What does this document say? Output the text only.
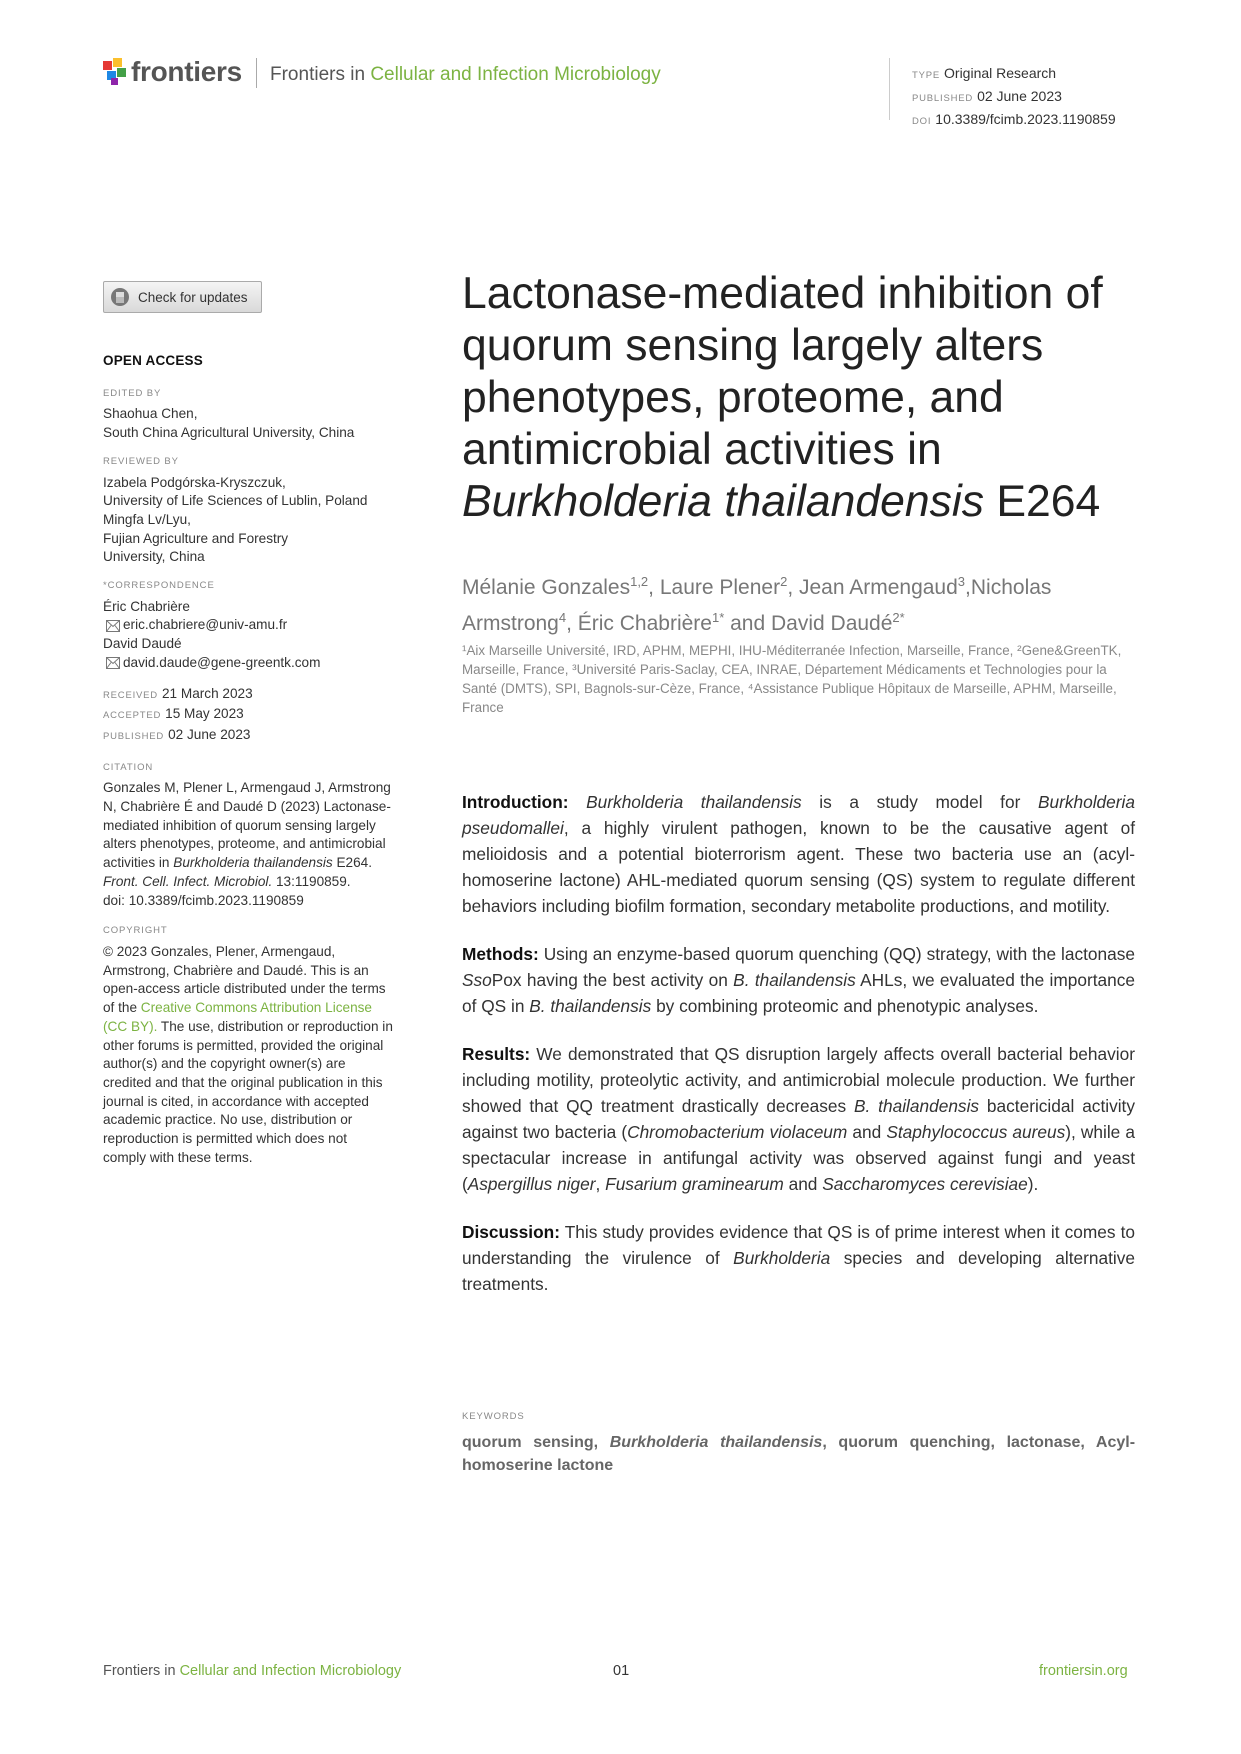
frontiers Frontiers in Cellular and Infection Microbiology	TYPE Original Research
PUBLISHED 02 June 2023
DOI 10.3389/fcimb.2023.1190859
Check for updates
OPEN ACCESS
EDITED BY
Shaohua Chen,
South China Agricultural University, China
REVIEWED BY
Izabela Podgórska-Kryszczuk,
University of Life Sciences of Lublin, Poland
Mingfa Lv/Lyu,
Fujian Agriculture and Forestry
University, China
*CORRESPONDENCE
Éric Chabrière
eric.chabriere@univ-amu.fr
David Daudé
david.daude@gene-greentk.com
RECEIVED 21 March 2023
ACCEPTED 15 May 2023
PUBLISHED 02 June 2023
CITATION
Gonzales M, Plener L, Armengaud J, Armstrong N, Chabrière É and Daudé D (2023) Lactonase-mediated inhibition of quorum sensing largely alters phenotypes, proteome, and antimicrobial activities in Burkholderia thailandensis E264.
Front. Cell. Infect. Microbiol. 13:1190859.
doi: 10.3389/fcimb.2023.1190859
COPYRIGHT
© 2023 Gonzales, Plener, Armengaud, Armstrong, Chabrière and Daudé. This is an open-access article distributed under the terms of the Creative Commons Attribution License (CC BY). The use, distribution or reproduction in other forums is permitted, provided the original author(s) and the copyright owner(s) are credited and that the original publication in this journal is cited, in accordance with accepted academic practice. No use, distribution or reproduction is permitted which does not comply with these terms.
Lactonase-mediated inhibition of
quorum sensing largely alters
phenotypes, proteome, and
antimicrobial activities in
Burkholderia thailandensis E264
Mélanie Gonzales$^{1,2}$, Laure Plener$^2$, Jean Armengaud$^3$,Nicholas Armstrong$^4$, Éric Chabrière$^{1*}$ and David Daudé$^{2*}$
¹Aix Marseille Université, IRD, APHM, MEPHI, IHU-Méditerranée Infection, Marseille, France, ²Gene&GreenTK, Marseille, France, ³Université Paris-Saclay, CEA, INRAE, Département Médicaments et Technologies pour la Santé (DMTS), SPI, Bagnols-sur-Cèze, France, ⁴Assistance Publique Hôpitaux de Marseille, APHM, Marseille, France

Introduction: Burkholderia thailandensis is a study model for Burkholderia pseudomallei, a highly virulent pathogen, known to be the causative agent of melioidosis and a potential bioterrorism agent. These two bacteria use an (acyl-homoserine lactone) AHL-mediated quorum sensing (QS) system to regulate different behaviors including biofilm formation, secondary metabolite productions, and motility.

Methods: Using an enzyme-based quorum quenching (QQ) strategy, with the lactonase SsoPox having the best activity on B. thailandensis AHLs, we evaluated the importance of QS in B. thailandensis by combining proteomic and phenotypic analyses.

Results: We demonstrated that QS disruption largely affects overall bacterial behavior including motility, proteolytic activity, and antimicrobial molecule production. We further showed that QQ treatment drastically decreases B. thailandensis bactericidal activity against two bacteria (Chromobacterium violaceum and Staphylococcus aureus), while a spectacular increase in antifungal activity was observed against fungi and yeast (Aspergillus niger, Fusarium graminearum and Saccharomyces cerevisiae).

Discussion: This study provides evidence that QS is of prime interest when it comes to understanding the virulence of Burkholderia species and developing alternative treatments.

KEYWORDS
quorum sensing, Burkholderia thailandensis, quorum quenching, lactonase, Acyl-homoserine lactone
Frontiers in Cellular and Infection Microbiology	01	frontiersin.org
